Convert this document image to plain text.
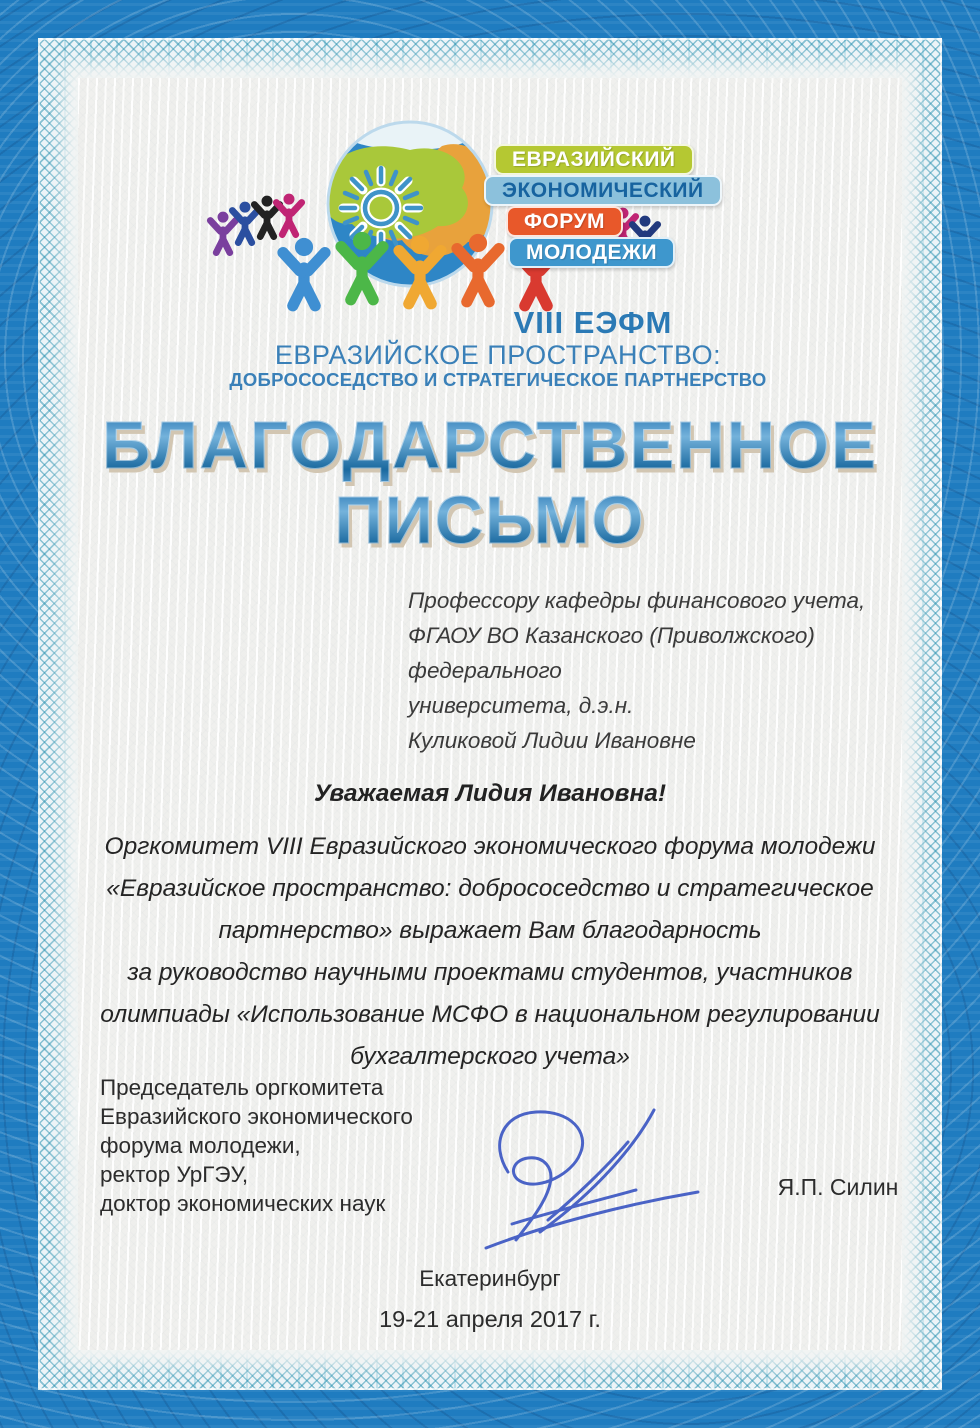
ЕВРАЗИЙСКИЙ
ЭКОНОМИЧЕСКИЙ
ФОРУМ
МОЛОДЕЖИ
VIII ЕЭФМ
ЕВРАЗИЙСКОЕ ПРОСТРАНСТВО:
ДОБРОСОСЕДСТВО И СТРАТЕГИЧЕСКОЕ ПАРТНЕРСТВО
БЛАГОДАРСТВЕННОЕ
ПИСЬМО
Профессору кафедры финансового учета,
ФГАОУ ВО Казанского (Приволжского) федерального
университета, д.э.н.
Куликовой Лидии Ивановне
Уважаемая Лидия Ивановна!
Оргкомитет VIII Евразийского экономического форума молодежи
«Евразийское пространство: добрососедство и стратегическое
партнерство» выражает Вам благодарность
за руководство научными проектами студентов, участников
олимпиады «Использование МСФО в национальном регулировании
бухгалтерского учета»
Председатель оргкомитета
Евразийского экономического
форума молодежи,
ректор УрГЭУ,
доктор экономических наук
Я.П. Силин
Екатеринбург
19-21 апреля 2017 г.
